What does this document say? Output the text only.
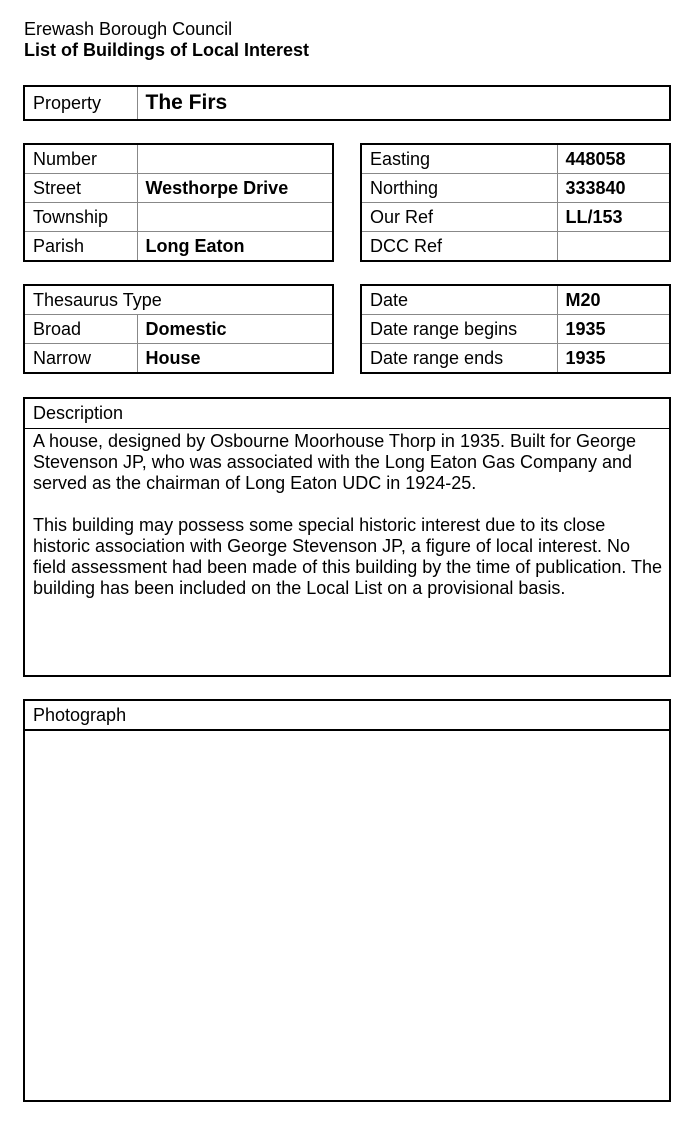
Erewash Borough Council
List of Buildings of Local Interest
Property	The Firs
Number	
Street	Westhorpe Drive
Township	
Parish	Long Eaton
Easting	448058
Northing	333840
Our Ref	LL/153
DCC Ref	
Thesaurus Type	
Broad	Domestic
Narrow	House
Date	M20
Date range begins	1935
Date range ends	1935
Description

A house, designed by Osbourne Moorhouse Thorp in 1935. Built for George Stevenson JP, who was associated with the Long Eaton Gas Company and served as the chairman of Long Eaton UDC in 1924-25.

This building may possess some special historic interest due to its close historic association with George Stevenson JP, a figure of local interest. No field assessment had been made of this building by the time of publication. The building has been included on the Local List on a provisional basis.

Photograph
